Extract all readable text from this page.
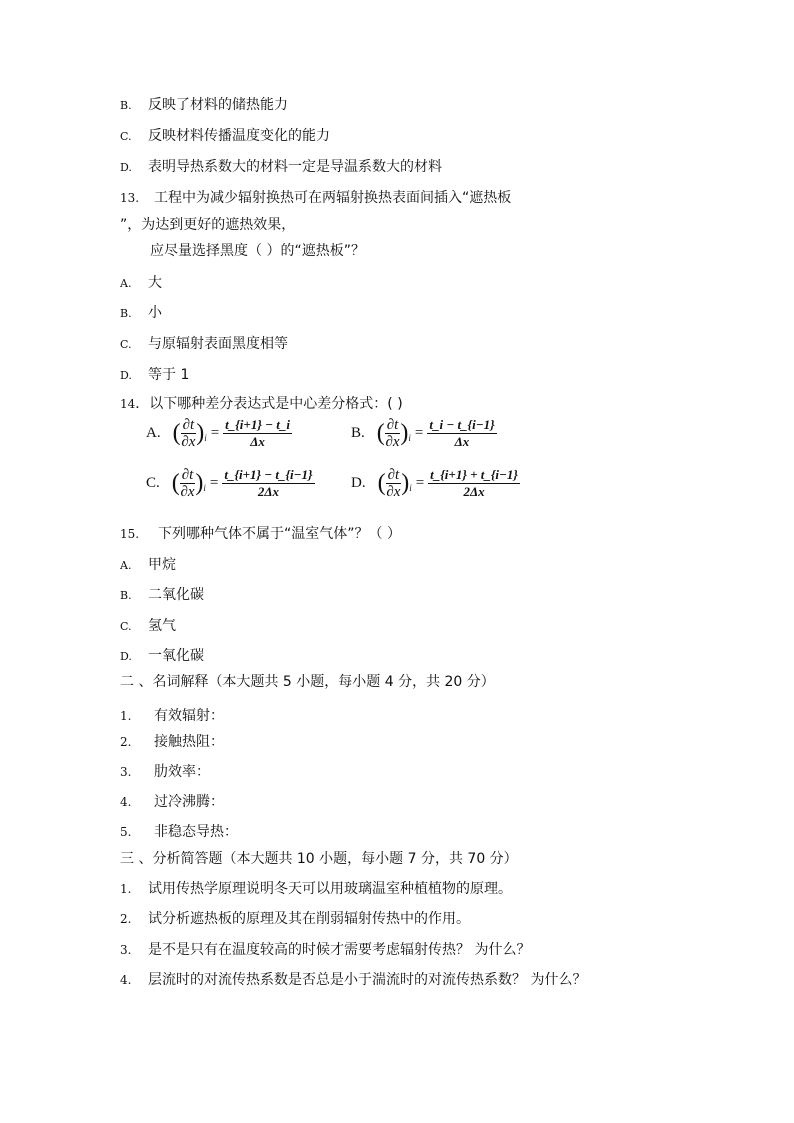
B. 反映了材料的储热能力
C. 反映材料传播温度变化的能力
D. 表明导热系数大的材料一定是导温系数大的材料
13. 工程中为减少辐射换热可在两辐射换热表面间插入“遮热板
”，为达到更好的遮热效果，
应尽量选择黑度（ ）的“遮热板”？
A. 大
B. 小
C. 与原辐射表面黑度相等
D. 等于 1
14．以下哪种差分表达式是中心差分格式：( )
A. ( $\frac{\partial t}{\partial x} )_i = \frac{t\_\{i+1\} - t\_i}{\Delta x}$	B. ( $\frac{\partial t}{\partial x} )_i = \frac{t\_i - t\_\{i-1\}}{\Delta x}$
C. ( $\frac{\partial t}{\partial x} )_i = \frac{t\_\{i+1\} - t\_\{i-1\}}{2\Delta x} D$. ( $\frac{\partial t}{\partial x} )_i = \frac{t\_\{i+1\} + t\_\{i-1\}}{2\Delta x}$
15. 下列哪种气体不属于“温室气体”？（ ）
A. 甲烷
B. 二氧化碳
C. 氢气
D. 一氧化碳
二 、名词解释（本大题共 5 小题，每小题 4 分，共 20 分）
1. 有效辐射：
2. 接触热阻：
3. 肋效率：
4. 过冷沸腾：
5. 非稳态导热：
三 、分析简答题（本大题共 10 小题，每小题 7 分，共 70 分）
1. 试用传热学原理说明冬天可以用玻璃温室种植植物的原理。
2. 试分析遮热板的原理及其在削弱辐射传热中的作用。
3. 是不是只有在温度较高的时候才需要考虑辐射传热？ 为什么？
4. 层流时的对流传热系数是否总是小于湍流时的对流传热系数？ 为什么？
